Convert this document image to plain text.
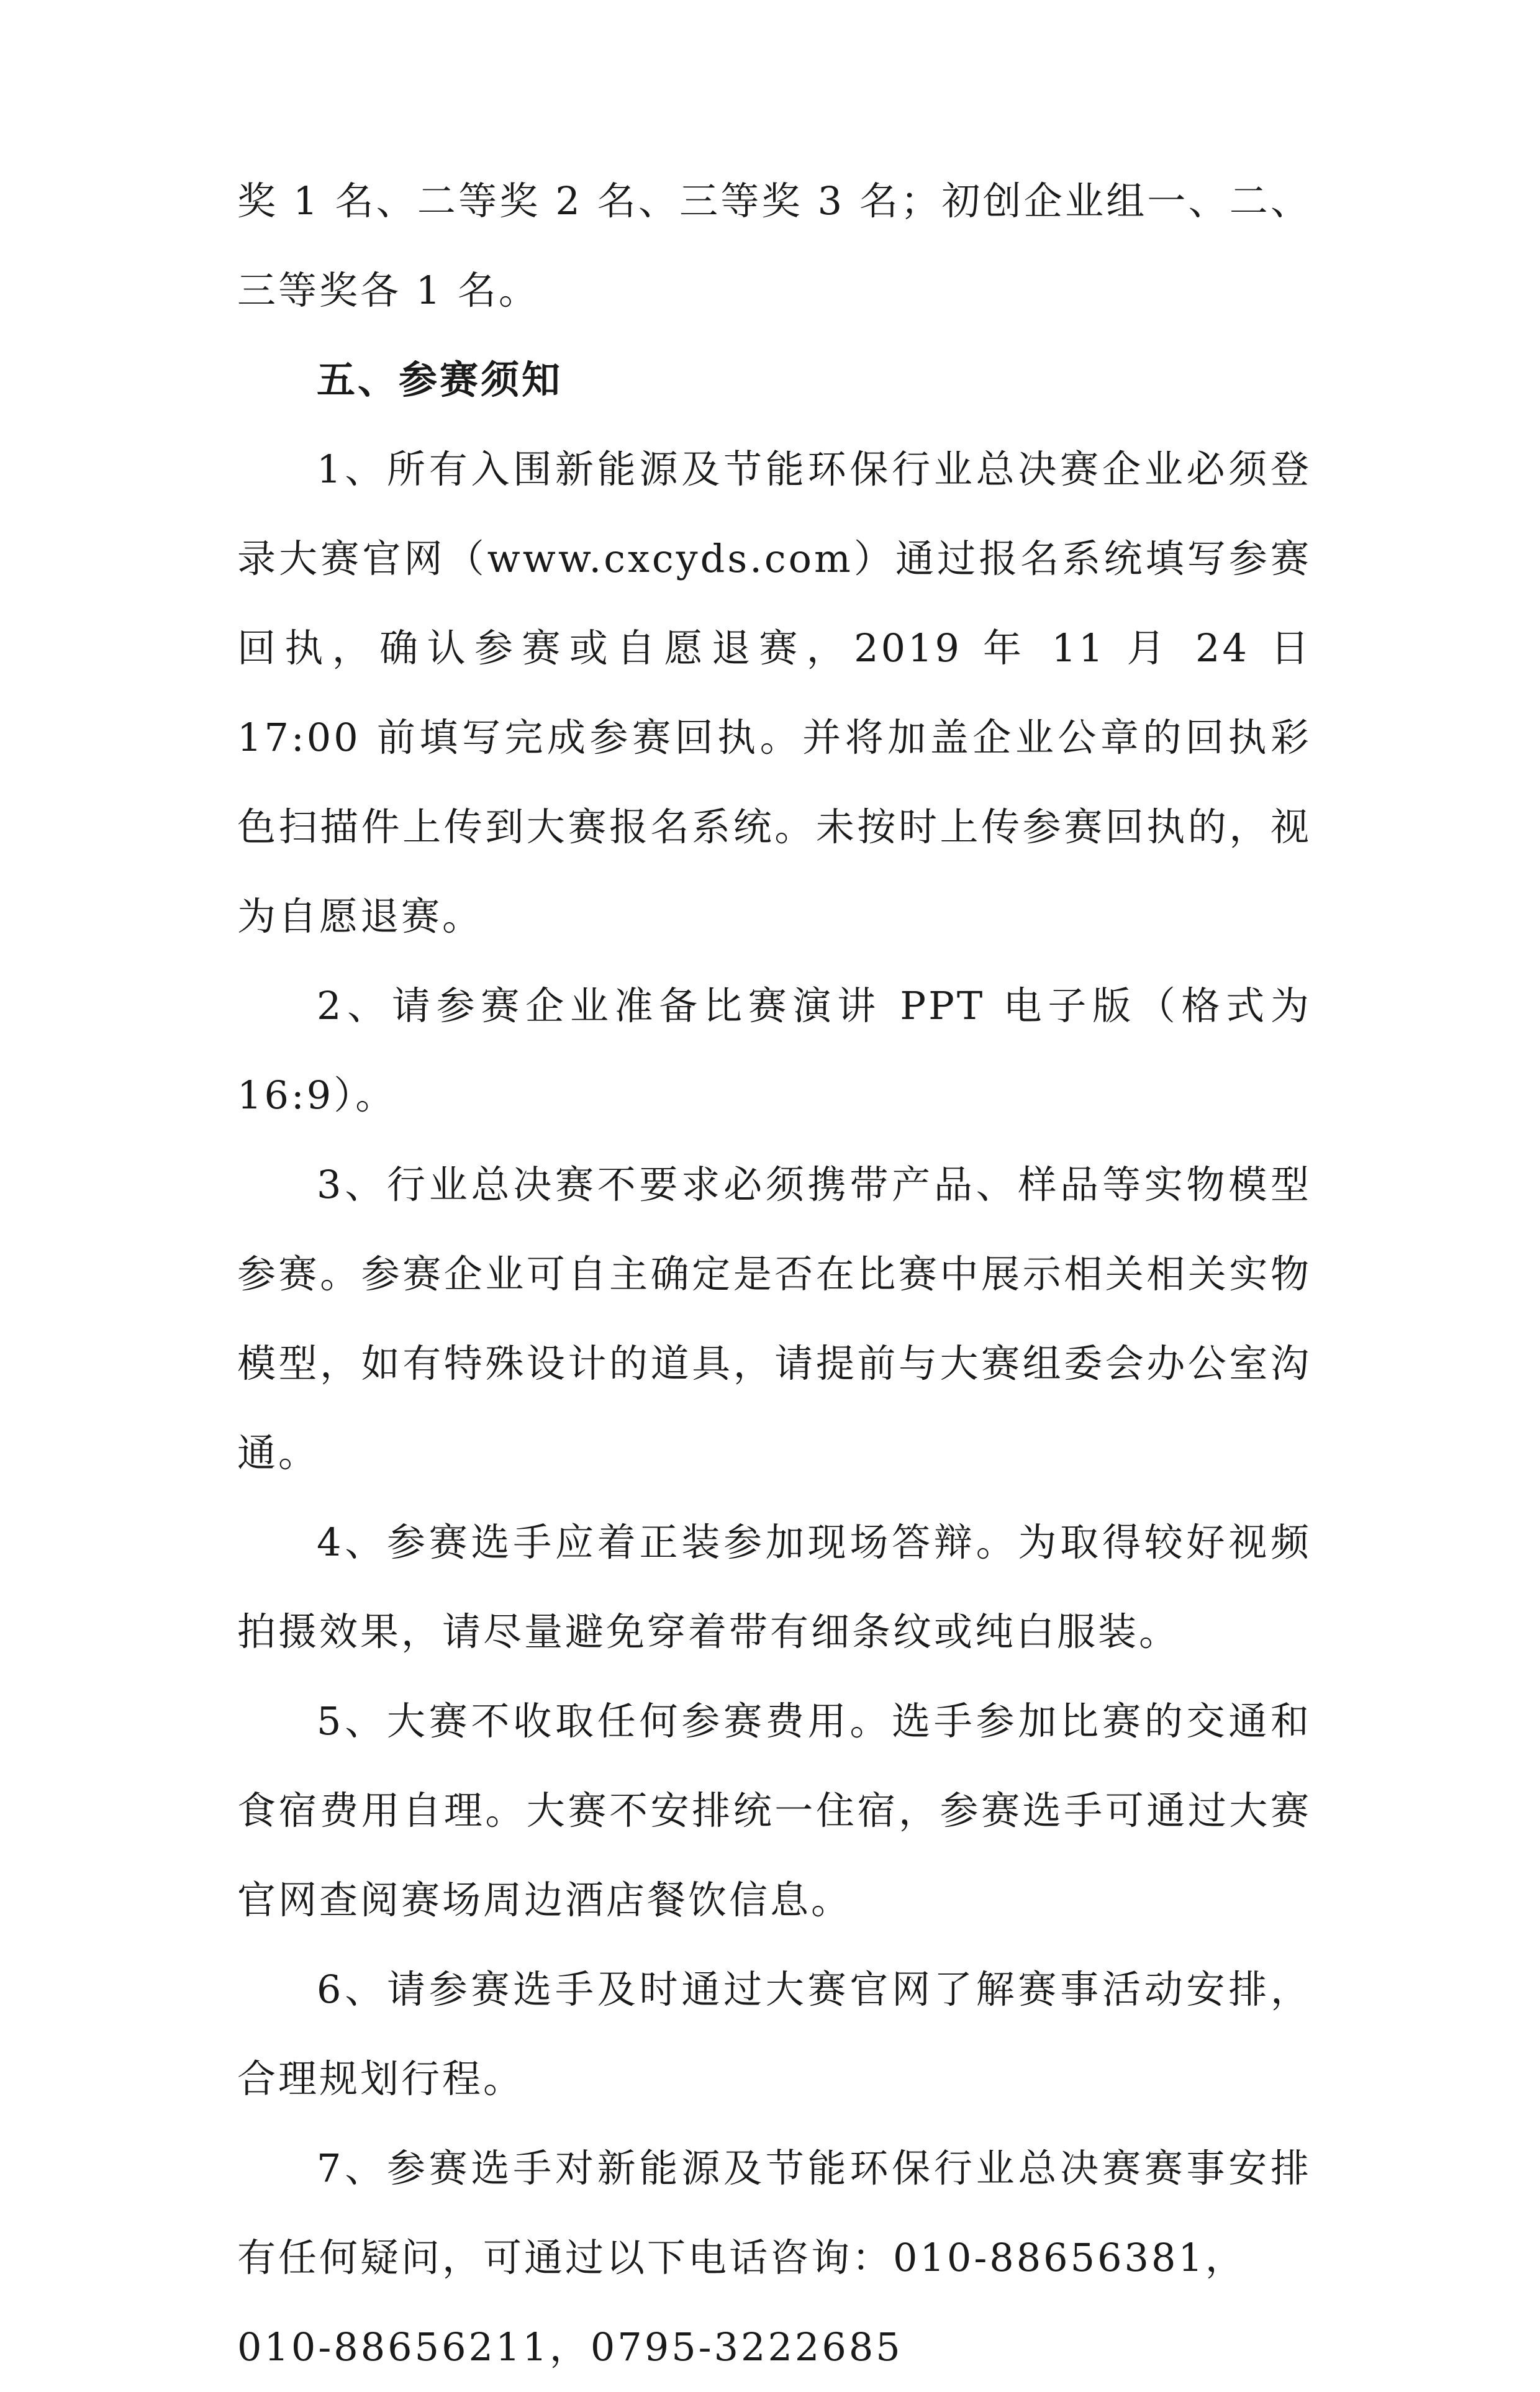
奖 1 名、二等奖 2 名、三等奖 3 名；初创企业组一、二、三等奖各 1 名。

五、参赛须知

1、所有入围新能源及节能环保行业总决赛企业必须登录大赛官网（www.cxcyds.com）通过报名系统填写参赛回执，确认参赛或自愿退赛，2019 年 11 月 24 日 17:00 前填写完成参赛回执。并将加盖企业公章的回执彩色扫描件上传到大赛报名系统。未按时上传参赛回执的，视为自愿退赛。

2、请参赛企业准备比赛演讲 PPT 电子版（格式为 16:9）。

3、行业总决赛不要求必须携带产品、样品等实物模型参赛。参赛企业可自主确定是否在比赛中展示相关相关实物模型，如有特殊设计的道具，请提前与大赛组委会办公室沟通。

4、参赛选手应着正装参加现场答辩。为取得较好视频拍摄效果，请尽量避免穿着带有细条纹或纯白服装。

5、大赛不收取任何参赛费用。选手参加比赛的交通和食宿费用自理。大赛不安排统一住宿，参赛选手可通过大赛官网查阅赛场周边酒店餐饮信息。

6、请参赛选手及时通过大赛官网了解赛事活动安排，合理规划行程。

7、参赛选手对新能源及节能环保行业总决赛赛事安排有任何疑问，可通过以下电话咨询：010-88656381，

010-88656211，0795-3222685
